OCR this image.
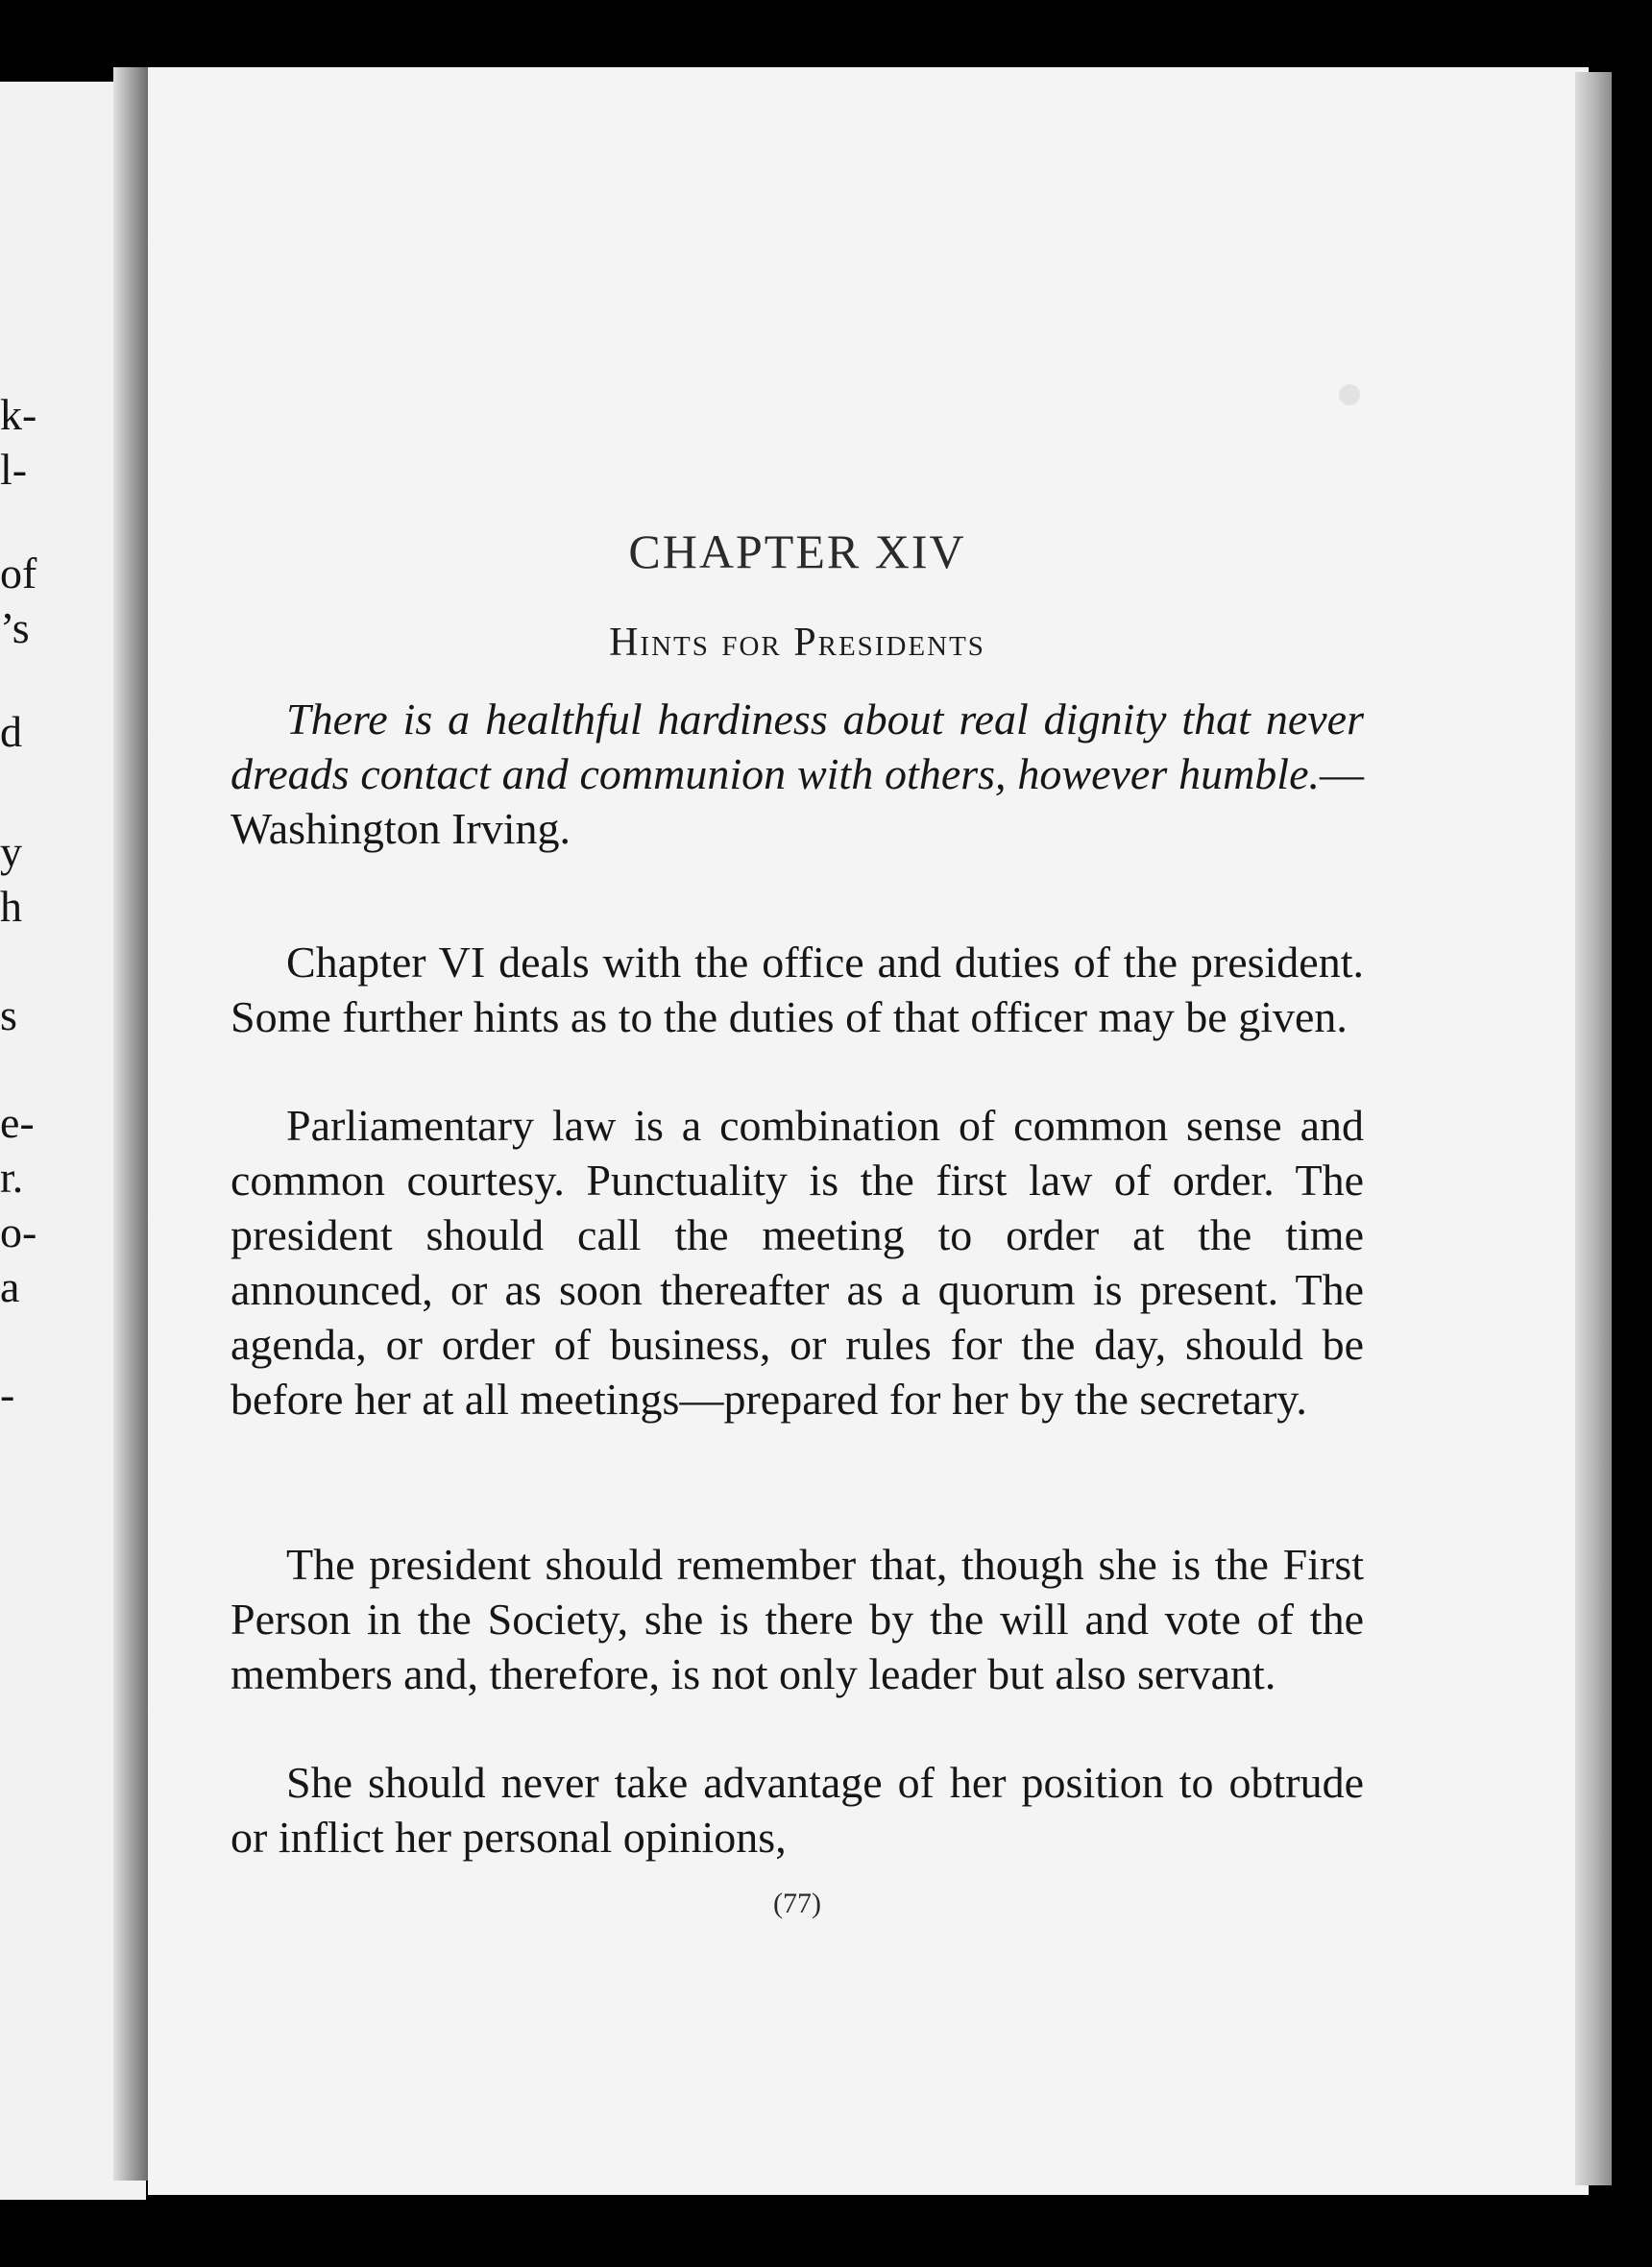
k-
l-
of
’s
d
y
h
s
e-
r.
o-
a
-
CHAPTER XIV
Hints for Presidents
There is a healthful hardiness about real dignity that never dreads contact and communion with others, however humble.—Washington Irving.
Chapter VI deals with the office and duties of the president. Some further hints as to the duties of that officer may be given.
Parliamentary law is a combination of common sense and common courtesy. Punctuality is the first law of order. The president should call the meeting to order at the time announced, or as soon thereafter as a quorum is present. The agenda, or order of business, or rules for the day, should be before her at all meetings—prepared for her by the secretary.
The president should remember that, though she is the First Person in the Society, she is there by the will and vote of the members and, therefore, is not only leader but also servant.
She should never take advantage of her position to obtrude or inflict her personal opinions,
(77)
